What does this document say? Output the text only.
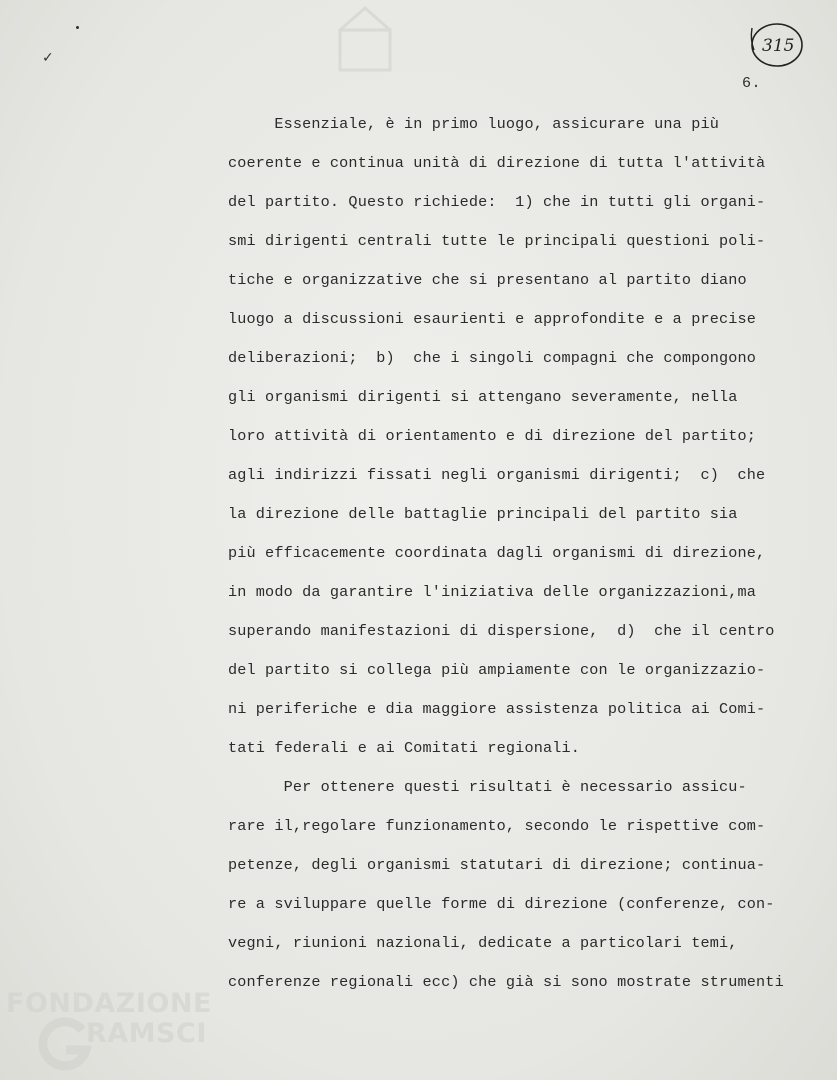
✓
315
6.
Essenziale, è in primo luogo, assicurare una più
coerente e continua unità di direzione di tutta l'attività
del partito. Questo richiede:  1) che in tutti gli organi-
smi dirigenti centrali tutte le principali questioni poli-
tiche e organizzative che si presentano al partito diano
luogo a discussioni esaurienti e approfondite e a precise
deliberazioni;  b)  che i singoli compagni che compongono
gli organismi dirigenti si attengano severamente, nella
loro attività di orientamento e di direzione del partito;
agli indirizzi fissati negli organismi dirigenti;  c)  che
la direzione delle battaglie principali del partito sia
più efficacemente coordinata dagli organismi di direzione,
in modo da garantire l'iniziativa delle organizzazioni,ma
superando manifestazioni di dispersione,  d)  che il centro
del partito si collega più ampiamente con le organizzazio-
ni periferiche e dia maggiore assistenza politica ai Comi-
tati federali e ai Comitati regionali.
Per ottenere questi risultati è necessario assicu-
rare il,regolare funzionamento, secondo le rispettive com-
petenze, degli organismi statutari di direzione; continua-
re a sviluppare quelle forme di direzione (conferenze, con-
vegni, riunioni nazionali, dedicate a particolari temi,
conferenze regionali ecc) che già si sono mostrate strumenti
FONDAZIONE
RAMSCI
